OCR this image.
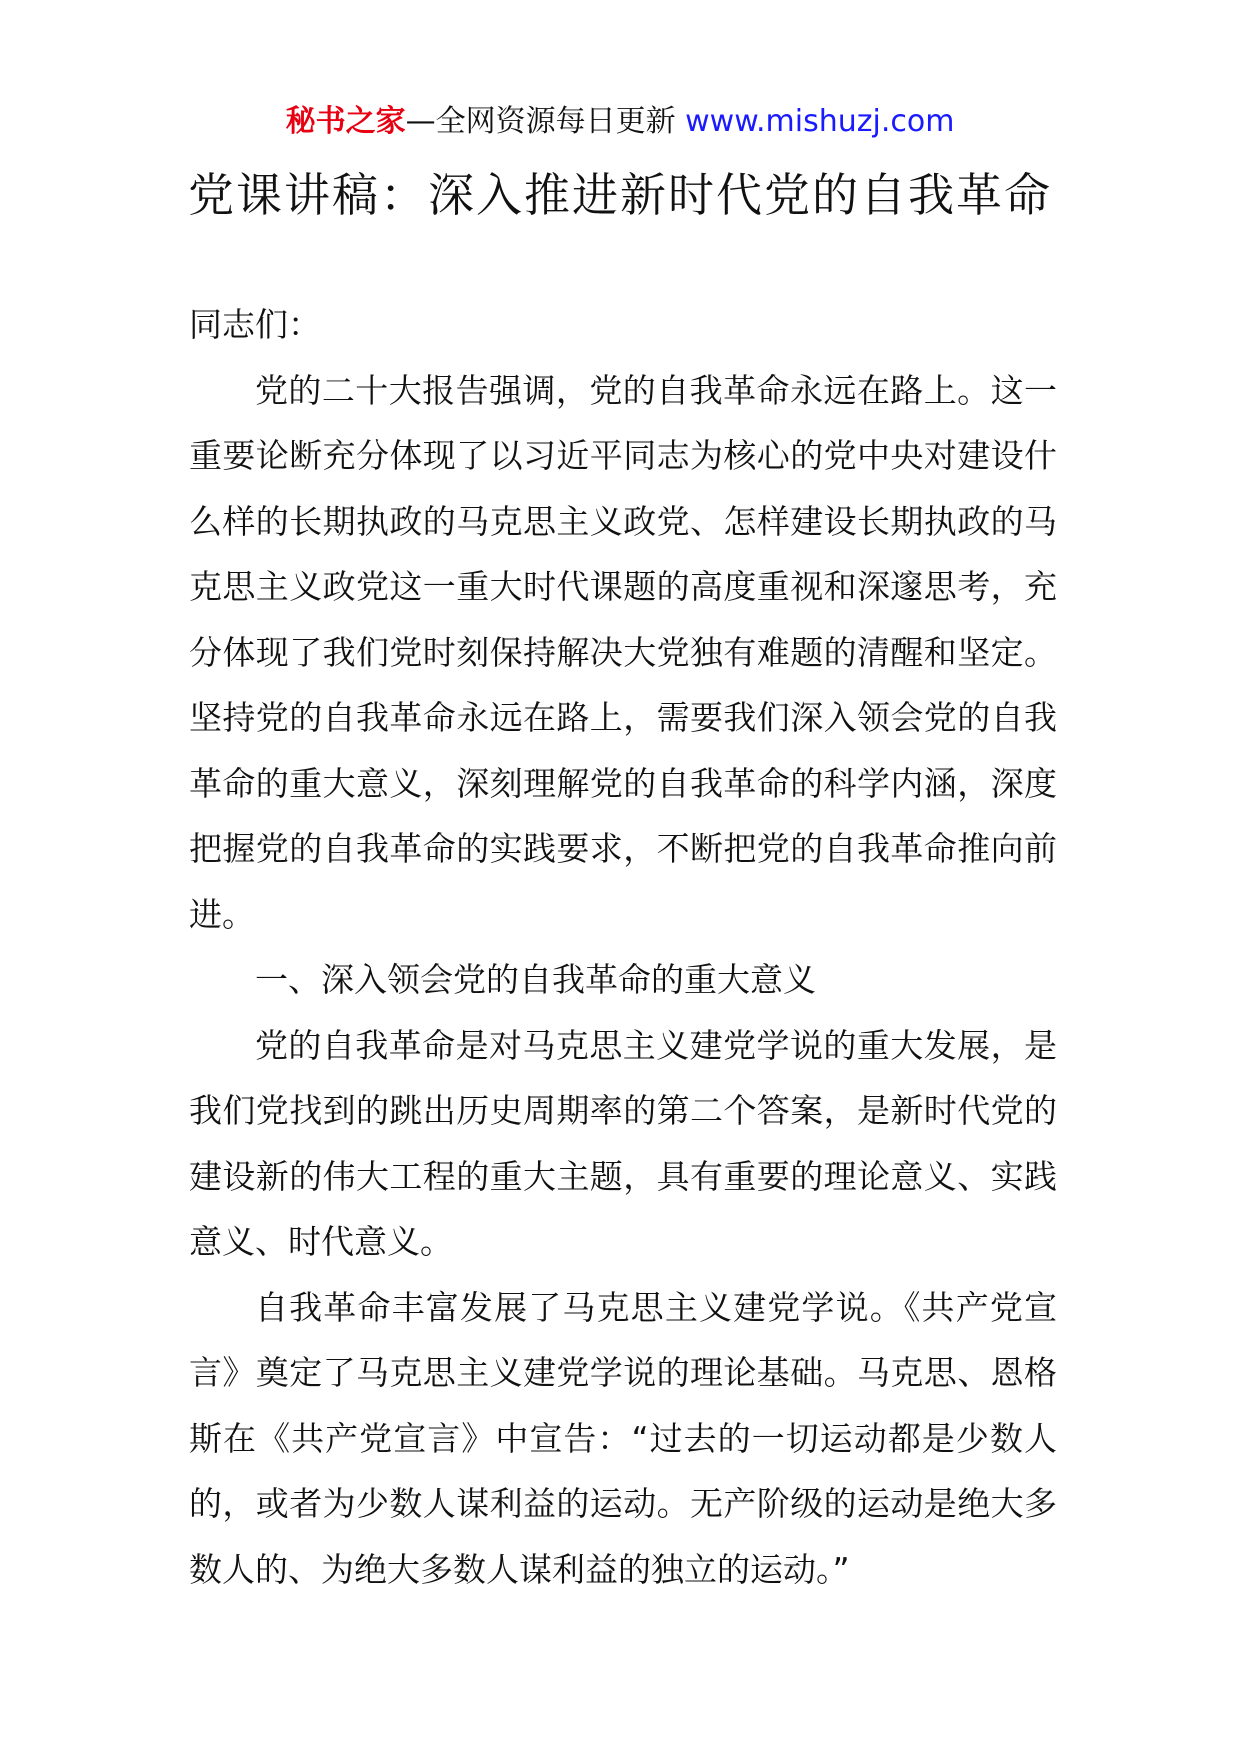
秘书之家—全网资源每日更新 www.mishuzj.com
党课讲稿：深入推进新时代党的自我革命

同志们：

党的二十大报告强调，党的自我革命永远在路上。这一重要论断充分体现了以习近平同志为核心的党中央对建设什么样的长期执政的马克思主义政党、怎样建设长期执政的马克思主义政党这一重大时代课题的高度重视和深邃思考，充分体现了我们党时刻保持解决大党独有难题的清醒和坚定。坚持党的自我革命永远在路上，需要我们深入领会党的自我革命的重大意义，深刻理解党的自我革命的科学内涵，深度把握党的自我革命的实践要求，不断把党的自我革命推向前进。

一、深入领会党的自我革命的重大意义

党的自我革命是对马克思主义建党学说的重大发展，是我们党找到的跳出历史周期率的第二个答案，是新时代党的建设新的伟大工程的重大主题，具有重要的理论意义、实践意义、时代意义。

自我革命丰富发展了马克思主义建党学说。《共产党宣言》奠定了马克思主义建党学说的理论基础。马克思、恩格斯在《共产党宣言》中宣告：“过去的一切运动都是少数人的，或者为少数人谋利益的运动。无产阶级的运动是绝大多数人的、为绝大多数人谋利益的独立的运动。”
